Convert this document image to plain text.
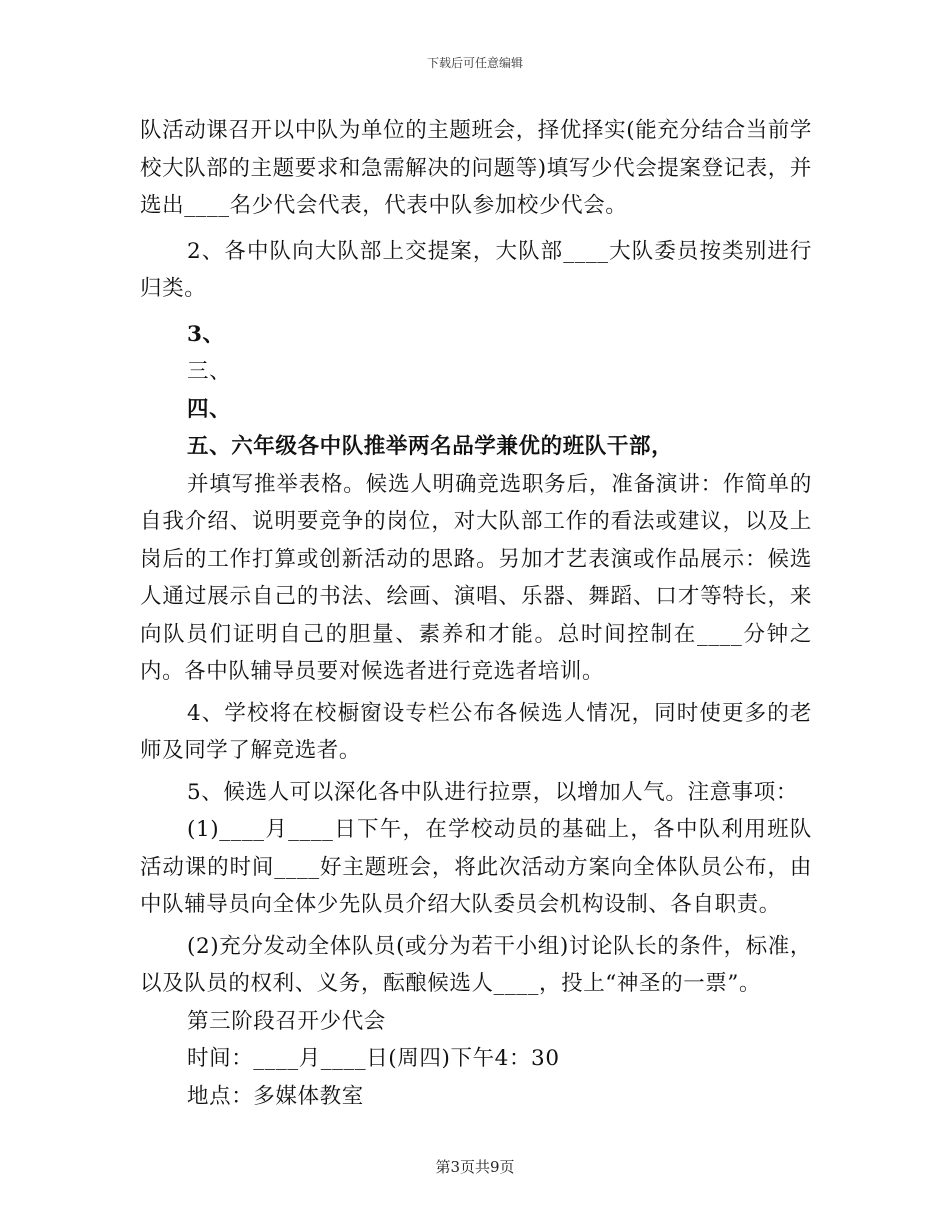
下载后可任意编辑

队活动课召开以中队为单位的主题班会，择优择实(能充分结合当前学校大队部的主题要求和急需解决的问题等)填写少代会提案登记表，并选出____名少代会代表，代表中队参加校少代会。

2、各中队向大队部上交提案，大队部____大队委员按类别进行归类。

3、

三、

四、

五、六年级各中队推举两名品学兼优的班队干部，

并填写推举表格。候选人明确竞选职务后，准备演讲：作简单的自我介绍、说明要竞争的岗位，对大队部工作的看法或建议，以及上岗后的工作打算或创新活动的思路。另加才艺表演或作品展示：候选人通过展示自己的书法、绘画、演唱、乐器、舞蹈、口才等特长，来向队员们证明自己的胆量、素养和才能。总时间控制在____分钟之内。各中队辅导员要对候选者进行竞选者培训。

4、学校将在校橱窗设专栏公布各候选人情况，同时使更多的老师及同学了解竞选者。

5、候选人可以深化各中队进行拉票，以增加人气。注意事项：

(1)____月____日下午，在学校动员的基础上，各中队利用班队活动课的时间____好主题班会，将此次活动方案向全体队员公布，由中队辅导员向全体少先队员介绍大队委员会机构设制、各自职责。

(2)充分发动全体队员(或分为若干小组)讨论队长的条件，标准，以及队员的权利、义务，酝酿候选人____，投上“神圣的一票”。

第三阶段召开少代会

时间：____月____日(周四)下午4：30

地点：多媒体教室

第3页共9页
